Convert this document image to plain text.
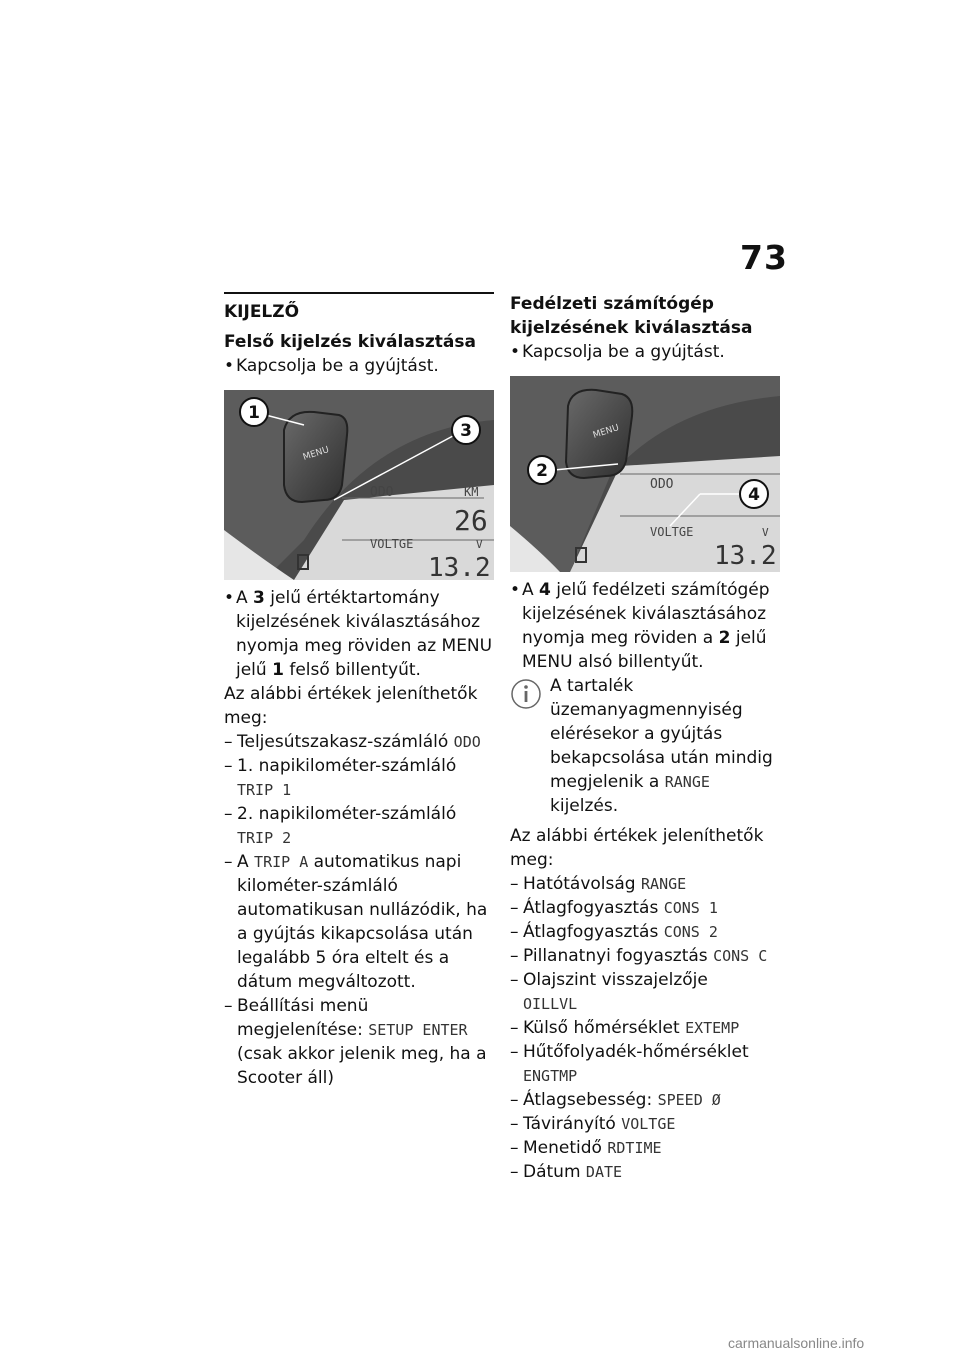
73
KIJELZŐ
Felső kijelzés kiválasztása
• Kapcsolja be a gyújtást.
MENU
1
3
ODO	KM
26
VOLTGE	V
13.2
• A 3 jelű értéktartomány kijelzésének kiválasztásához nyomja meg röviden az MENU jelű 1 felső billentyűt.
Az alábbi értékek jeleníthetők meg:
– Teljesútszakasz-számláló ODO
– 1. napikilométer-számláló
TRIP 1
– 2. napikilométer-számláló
TRIP 2
– A TRIP A automatikus napi kilométer-számláló automatikusan nullázódik, ha a gyújtás kikapcsolása után legalább 5 óra eltelt és a dátum megváltozott.
– Beállítási menü megjelenítése: SETUP ENTER (csak akkor jelenik meg, ha a Scooter áll)
Fedélzeti számítógép kijelzésének kiválasztása
• Kapcsolja be a gyújtást.
MENU
2
4
ODO
VOLTGE	V
13.2
• A 4 jelű fedélzeti számítógép kijelzésének kiválasztásához nyomja meg röviden a 2 jelű MENU alsó billentyűt.
A tartalék üzemanyagmennyiség elérésekor a gyújtás bekapcsolása után mindig megjelenik a RANGE kijelzés.
Az alábbi értékek jeleníthetők meg:
– Hatótávolság RANGE
– Átlagfogyasztás CONS 1
– Átlagfogyasztás CONS 2
– Pillanatnyi fogyasztás CONS C
– Olajszint visszajelzője
OILLVL
– Külső hőmérséklet EXTEMP
– Hűtőfolyadék-hőmérséklet
ENGTMP
– Átlagsebesség: SPEED Ø
– Távirányító VOLTGE
– Menetidő RDTIME
– Dátum DATE
carmanualsonline.info
